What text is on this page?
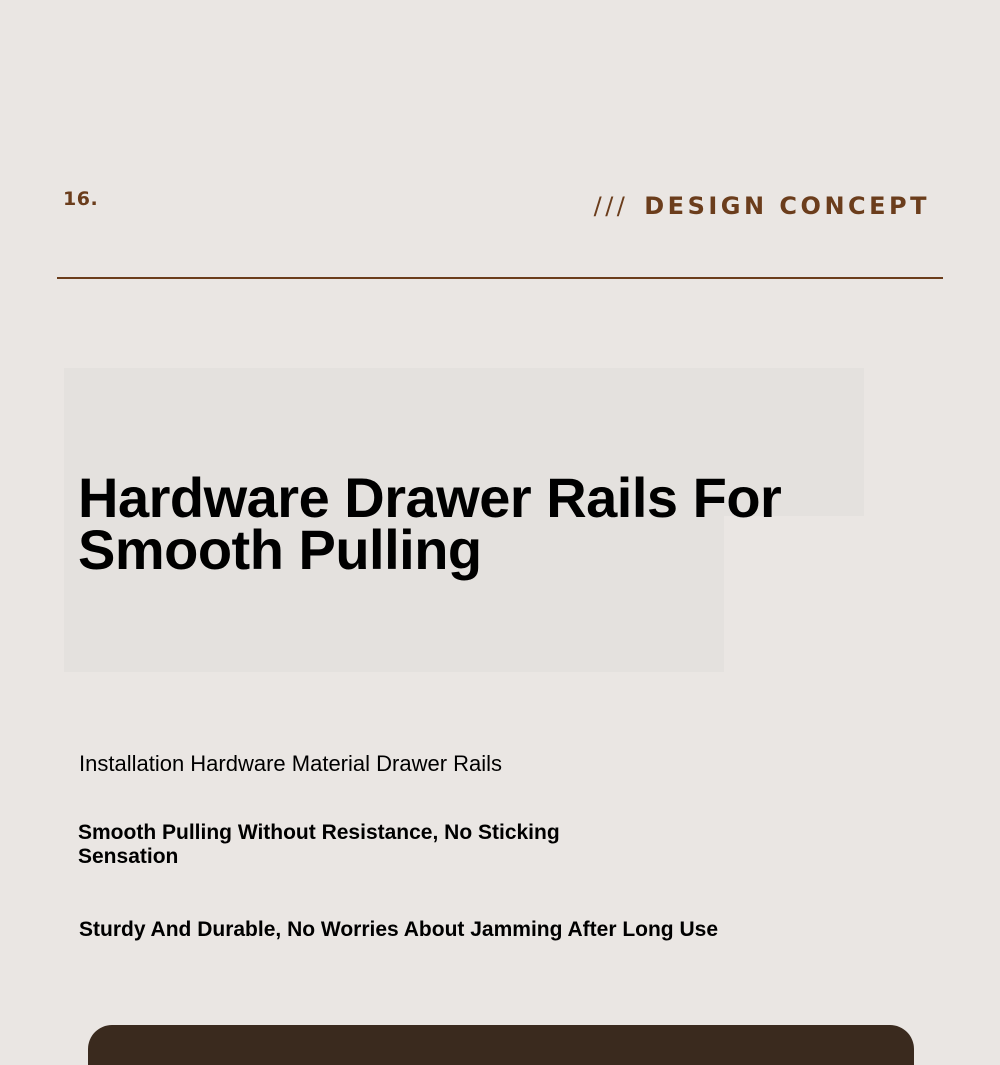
16.	/// DESIGN CONCEPT
Hardware Drawer Rails For Smooth Pulling

Installation Hardware Material Drawer Rails

Smooth Pulling Without Resistance, No Sticking Sensation

Sturdy And Durable, No Worries About Jamming After Long Use
